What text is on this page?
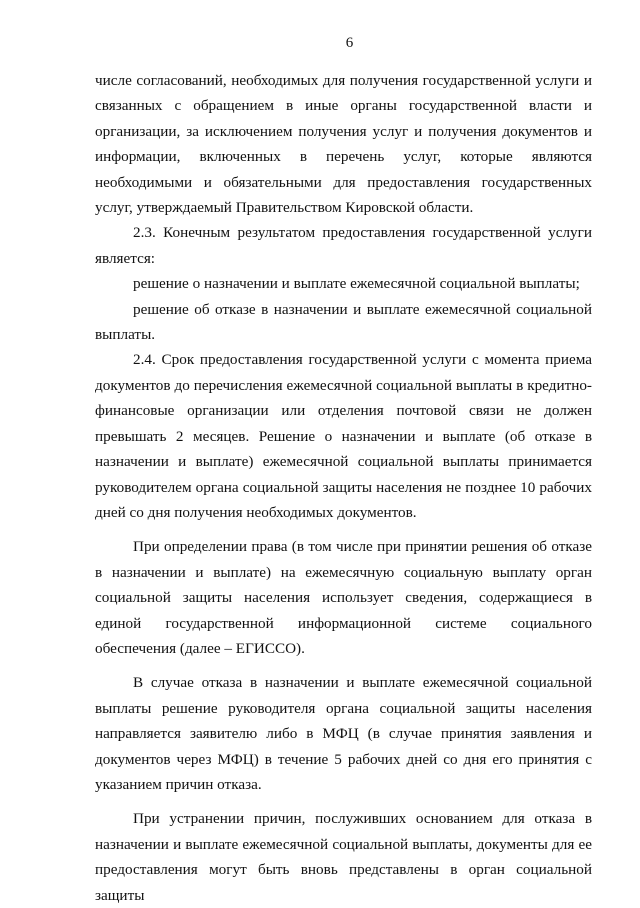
6

числе согласований, необходимых для получения государственной услуги и связанных с обращением в иные органы государственной власти и организации, за исключением получения услуг и получения документов и информации, включенных в перечень услуг, которые являются необходимыми и обязательными для предоставления государственных услуг, утверждаемый Правительством Кировской области.

2.3. Конечным результатом предоставления государственной услуги является:

решение о назначении и выплате ежемесячной социальной выплаты;

решение об отказе в назначении и выплате ежемесячной социальной выплаты.

2.4. Срок предоставления государственной услуги с момента приема документов до перечисления ежемесячной социальной выплаты в кредитно-финансовые организации или отделения почтовой связи не должен превышать 2 месяцев. Решение о назначении и выплате (об отказе в назначении и выплате) ежемесячной социальной выплаты принимается руководителем органа социальной защиты населения не позднее 10 рабочих дней со дня получения необходимых документов.

При определении права (в том числе при принятии решения об отказе в назначении и выплате) на ежемесячную социальную выплату орган социальной защиты населения использует сведения, содержащиеся в единой государственной информационной системе социального обеспечения (далее – ЕГИССО).

В случае отказа в назначении и выплате ежемесячной социальной выплаты решение руководителя органа социальной защиты населения направляется заявителю либо в МФЦ (в случае принятия заявления и документов через МФЦ) в течение 5 рабочих дней со дня его принятия с указанием причин отказа.

При устранении причин, послуживших основанием для отказа в назначении и выплате ежемесячной социальной выплаты, документы для ее предоставления могут быть вновь представлены в орган социальной защиты
